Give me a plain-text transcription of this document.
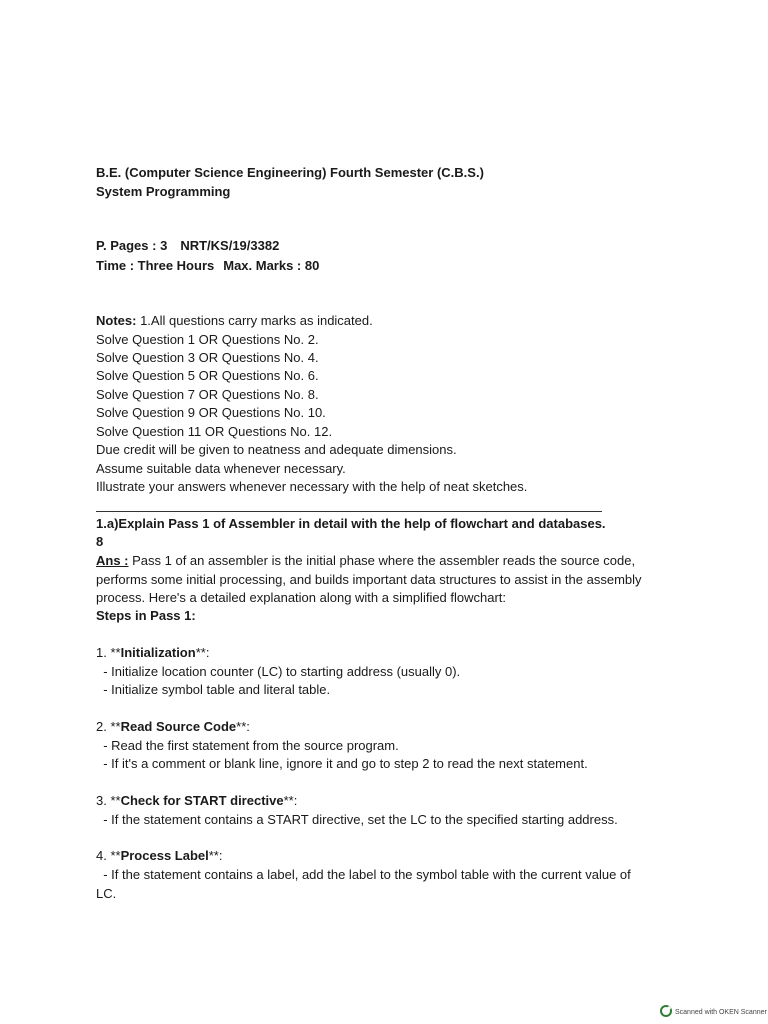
B.E. (Computer Science Engineering) Fourth Semester (C.B.S.)
System Programming
P. Pages : 3 NRT/KS/19/3382
Time : Three Hours Max. Marks : 80
Notes: 1.All questions carry marks as indicated.
Solve Question 1 OR Questions No. 2.
Solve Question 3 OR Questions No. 4.
Solve Question 5 OR Questions No. 6.
Solve Question 7 OR Questions No. 8.
Solve Question 9 OR Questions No. 10.
Solve Question 11 OR Questions No. 12.
Due credit will be given to neatness and adequate dimensions.
Assume suitable data whenever necessary.
Illustrate your answers whenever necessary with the help of neat sketches.
1.a)Explain Pass 1 of Assembler in detail with the help of flowchart and databases.
8
Ans : Pass 1 of an assembler is the initial phase where the assembler reads the source code,
performs some initial processing, and builds important data structures to assist in the assembly
process. Here's a detailed explanation along with a simplified flowchart:
Steps in Pass 1:
1. **Initialization**:
- Initialize location counter (LC) to starting address (usually 0).
- Initialize symbol table and literal table.
2. **Read Source Code**:
- Read the first statement from the source program.
- If it's a comment or blank line, ignore it and go to step 2 to read the next statement.
3. **Check for START directive**:
- If the statement contains a START directive, set the LC to the specified starting address.
4. **Process Label**:
- If the statement contains a label, add the label to the symbol table with the current value of
LC.
Scanned with OKEN Scanner
